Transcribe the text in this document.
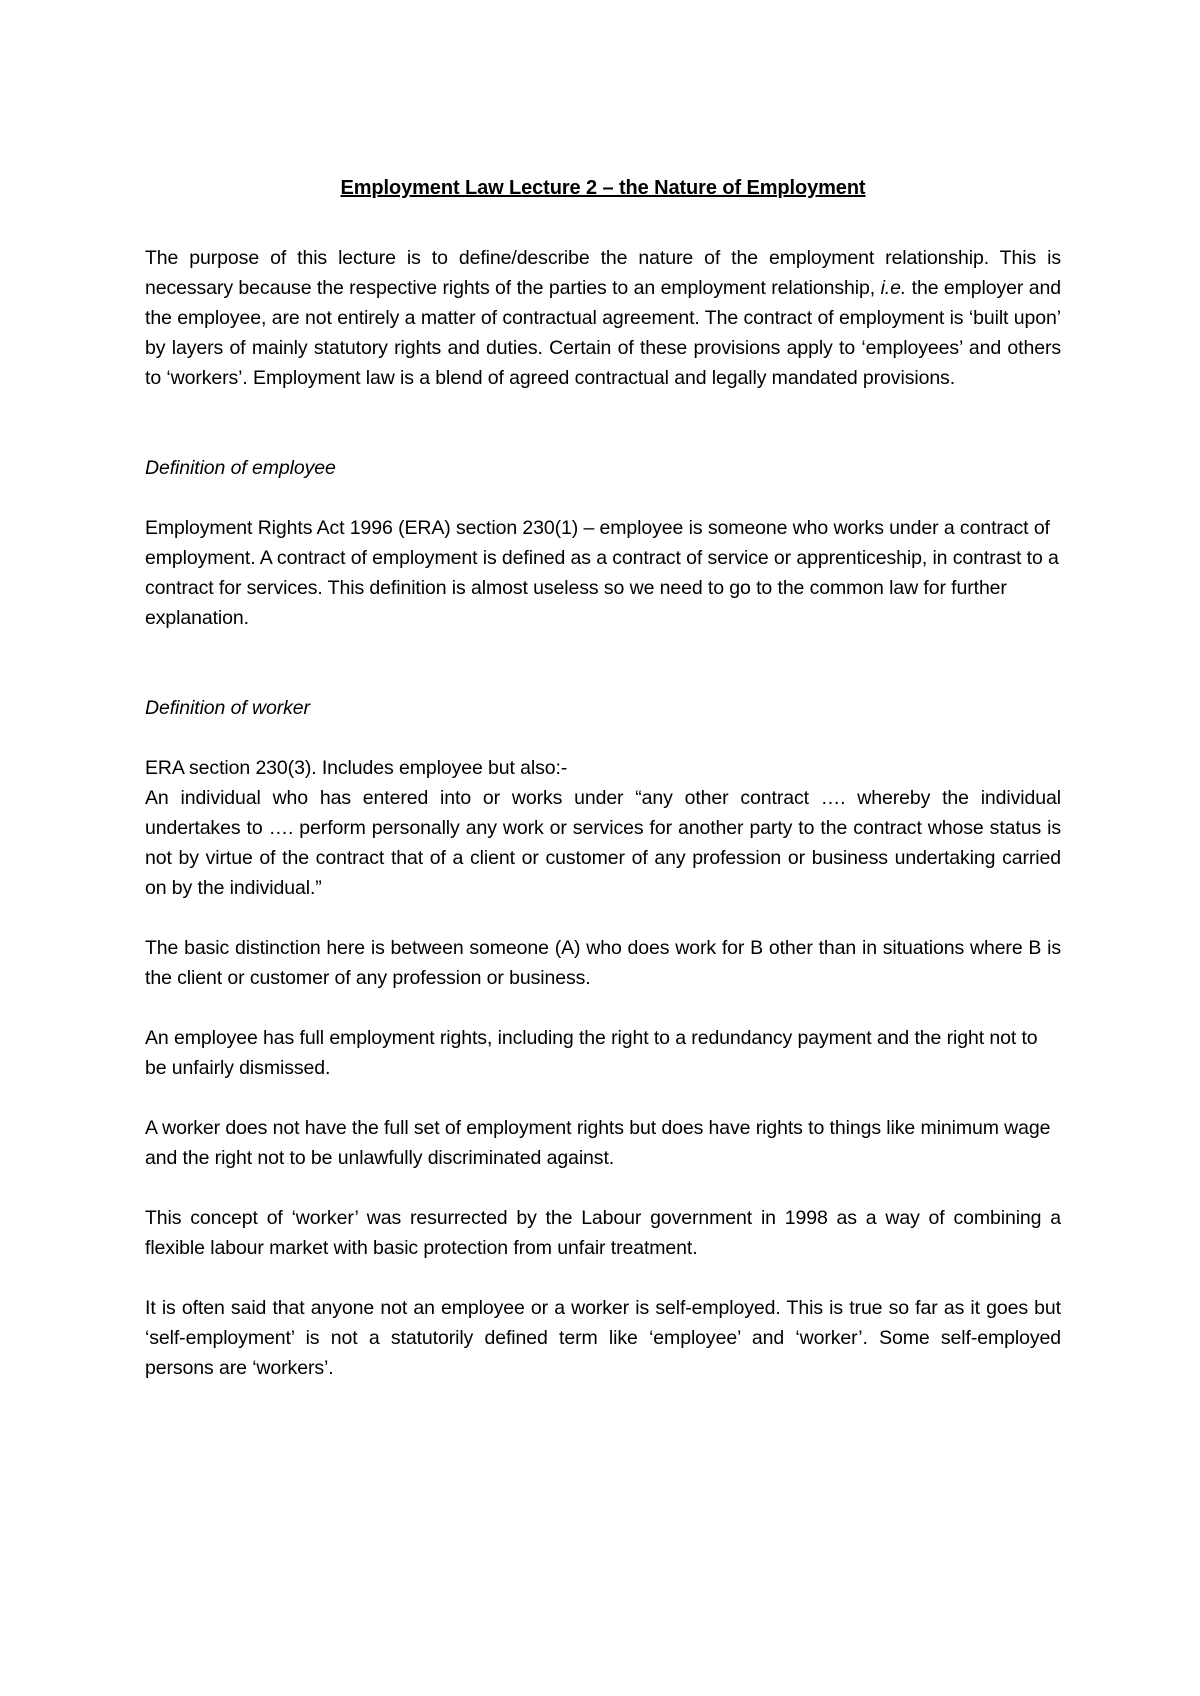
Employment Law Lecture 2 – the Nature of Employment

The purpose of this lecture is to define/describe the nature of the employment relationship. This is necessary because the respective rights of the parties to an employment relationship, i.e. the employer and the employee, are not entirely a matter of contractual agreement. The contract of employment is ‘built upon’ by layers of mainly statutory rights and duties. Certain of these provisions apply to ‘employees’ and others to ‘workers’. Employment law is a blend of agreed contractual and legally mandated provisions.

Definition of employee

Employment Rights Act 1996 (ERA) section 230(1) – employee is someone who works under a contract of employment. A contract of employment is defined as a contract of service or apprenticeship, in contrast to a contract for services. This definition is almost useless so we need to go to the common law for further explanation.

Definition of worker

ERA section 230(3). Includes employee but also:-

An individual who has entered into or works under “any other contract …. whereby the individual undertakes to …. perform personally any work or services for another party to the contract whose status is not by virtue of the contract that of a client or customer of any profession or business undertaking carried on by the individual.”

The basic distinction here is between someone (A) who does work for B other than in situations where B is the client or customer of any profession or business.

An employee has full employment rights, including the right to a redundancy payment and the right not to be unfairly dismissed.

A worker does not have the full set of employment rights but does have rights to things like minimum wage and the right not to be unlawfully discriminated against.

This concept of ‘worker’ was resurrected by the Labour government in 1998 as a way of combining a flexible labour market with basic protection from unfair treatment.

It is often said that anyone not an employee or a worker is self-employed. This is true so far as it goes but ‘self-employment’ is not a statutorily defined term like ‘employee’ and ‘worker’. Some self-employed persons are ‘workers’.
